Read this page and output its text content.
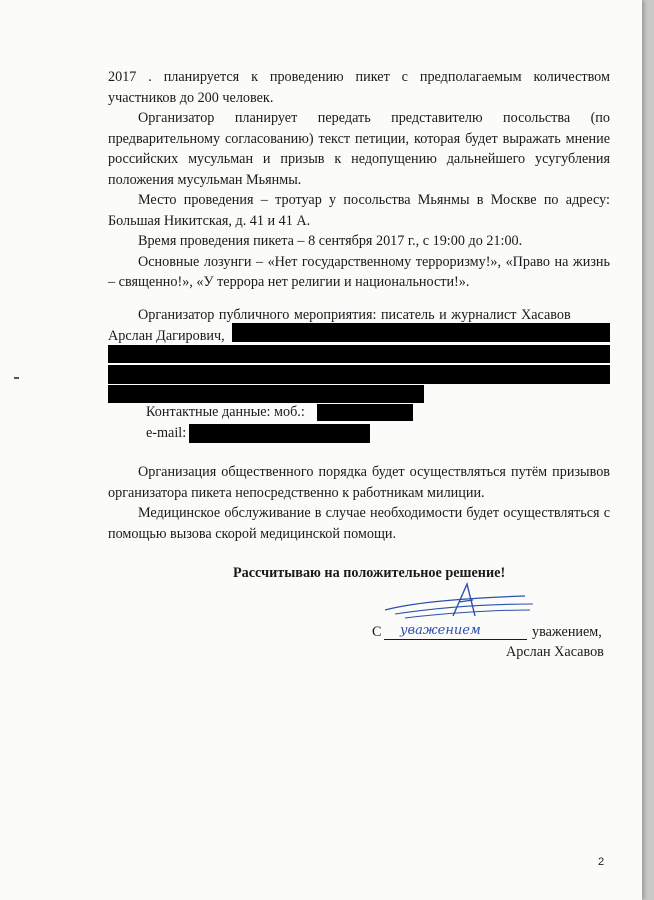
2017 . планируется к проведению пикет с предполагаемым количеством участников до 200 человек.

Организатор планирует передать представителю посольства (по предварительному согласованию) текст петиции, которая будет выражать мнение российских мусульман и призыв к недопущению дальнейшего усугубления положения мусульман Мьянмы.

Место проведения – тротуар у посольства Мьянмы в Москве по адресу: Большая Никитская, д. 41 и 41 А.

Время проведения пикета – 8 сентября 2017 г., с 19:00 до 21:00.

Основные лозунги – «Нет государственному терроризму!», «Право на жизнь – священно!», «У террора нет религии и национальности!».

Организатор публичного мероприятия: писатель и журналист Хасавов

Арслан Дагирович,

Контактные данные: моб.:
e-mail:

Организация общественного порядка будет осуществляться путём призывов организатора пикета непосредственно к работникам милиции.

Медицинское обслуживание в случае необходимости будет осуществляться с помощью вызова скорой медицинской помощи.

Рассчитываю на положительное решение!
С	уважением,
уважением
Арслан Хасавов
2
